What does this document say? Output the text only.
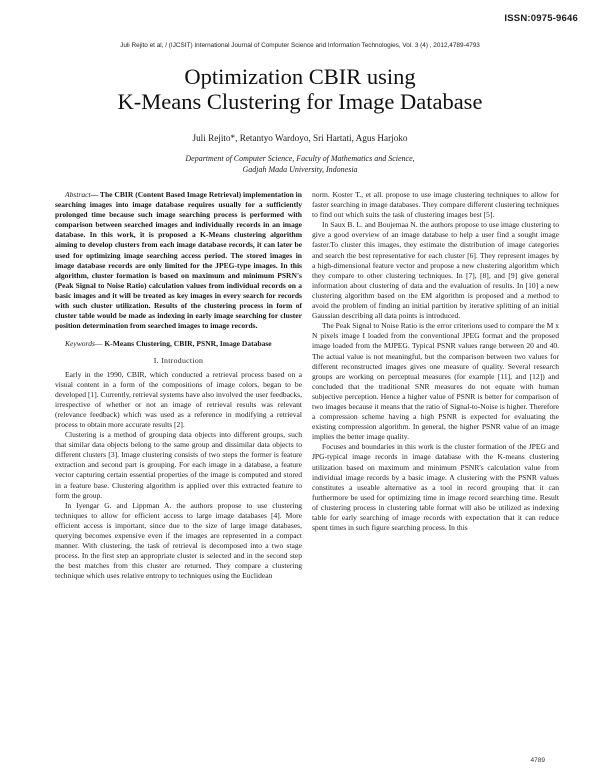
ISSN:0975-9646
Juli Rejito et al, / (IJCSIT) International Journal of Computer Science and Information Technologies, Vol. 3 (4) , 2012,4789-4793
Optimization CBIR using
K-Means Clustering for Image Database
Juli Rejito*, Retantyo Wardoyo, Sri Hartati, Agus Harjoko
Department of Computer Science, Faculty of Mathematics and Science,
Gadjah Mada University, Indonesia

Abstract— The CBIR (Content Based Image Retrieval) implementation in searching images into image database requires usually for a sufficiently prolonged time because such image searching process is performed with comparison between searched images and individually records in an image database. In this work, it is proposed a K-Means clustering algorithm aiming to develop clusters from each image database records, it can later be used for optimizing image searching access period. The stored images in image database records are only limited for the JPEG-type images. In this algorithm, cluster formation is based on maximum and minimum PSRN's (Peak Signal to Noise Ratio) calculation values from individual records on a basic images and it will be treated as key images in every search for records with such cluster utilization. Results of the clustering process in form of cluster table would be made as indexing in early image searching for cluster position determination from searched images to image records.

Keywords— K-Means Clustering, CBIR, PSNR, Image Database

I. Introduction

Early in the 1990, CBIR, which conducted a retrieval process based on a visual content in a form of the compositions of image colors, began to be developed [1]. Currently, retrieval systems have also involved the user feedbacks, irrespective of whether or not an image of retrieval results was relevant (relevance feedback) which was used as a reference in modifying a retrieval process to obtain more accurate results [2].

Clustering is a method of grouping data objects into different groups, such that similar data objects belong to the same group and dissimilar data objects to different clusters [3]. Image clustering consists of two steps the former is feature extraction and second part is grouping. For each image in a database, a feature vector capturing certain essential properties of the image is computed and stored in a feature base. Clustering algorithm is applied over this extracted feature to form the group.

In Iyengar G. and Lippman A. the authors propose to use clustering techniques to allow for efficient access to large image databases [4]. More efficient access is important, since due to the size of large image databases, querying becomes expensive even if the images are represented in a compact manner. With clustering, the task of retrieval is decomposed into a two stage process. In the first step an appropriate cluster is selected and in the second step the best matches from this cluster are returned. They compare a clustering technique which uses relative entropy to techniques using the Euclidean

norm. Koster T., et all. propose to use image clustering techniques to allow for faster searching in image databases. They compare different clustering techniques to find out which suits the task of clustering images best [5].

In Saux B. L. and Boujemaa N. the authors propose to use image clustering to give a good overview of an image database to help a user find a sought image faster.To cluster this images, they estimate the distribution of image categories and search the best representative for each cluster [6]. They represent images by a high-dimensional feature vector and propose a new clustering algorithm which they compare to other clustering techniques. In [7], [8], and [9] give general information about clustering of data and the evaluation of results. In [10] a new clustering algorithm based on the EM algorithm is proposed and a method to avoid the problem of finding an initial partition by iterative splitting of an initial Gaussian describing all data points is introduced.

The Peak Signal to Noise Ratio is the error criterions used to compare the M x N pixels image I loaded from the conventional JPEG format and the proposed image loaded from the MJPEG. Typical PSNR values range between 20 and 40. The actual value is not meaningful, but the comparison between two values for different reconstructed images gives one measure of quality. Several research groups are working on perceptual measures (for example [11], and [12]) and concluded that the traditional SNR measures do not equate with human subjective perception. Hence a higher value of PSNR is better for comparison of two images because it means that the ratio of Signal-to-Noise is higher. Therefore a compression scheme having a high PSNR is expected for evaluating the existing compression algorithm. In general, the higher PSNR value of an image implies the better image quality.

Focuses and boundaries in this work is the cluster formation of the JPEG and JPG-typical image records in image database with the K-means clustering utilization based on maximum and minimum PSNR's calculation value from individual image records by a basic image. A clustering with the PSNR values constitutes a useable alternative as a tool in record grouping that it can furthermore be used for optimizing time in image record searching time. Result of clustering process in clustering table format will also be utilized as indexing table for early searching of image records with expectation that it can reduce spent times in such figure searching process. In this

4789
